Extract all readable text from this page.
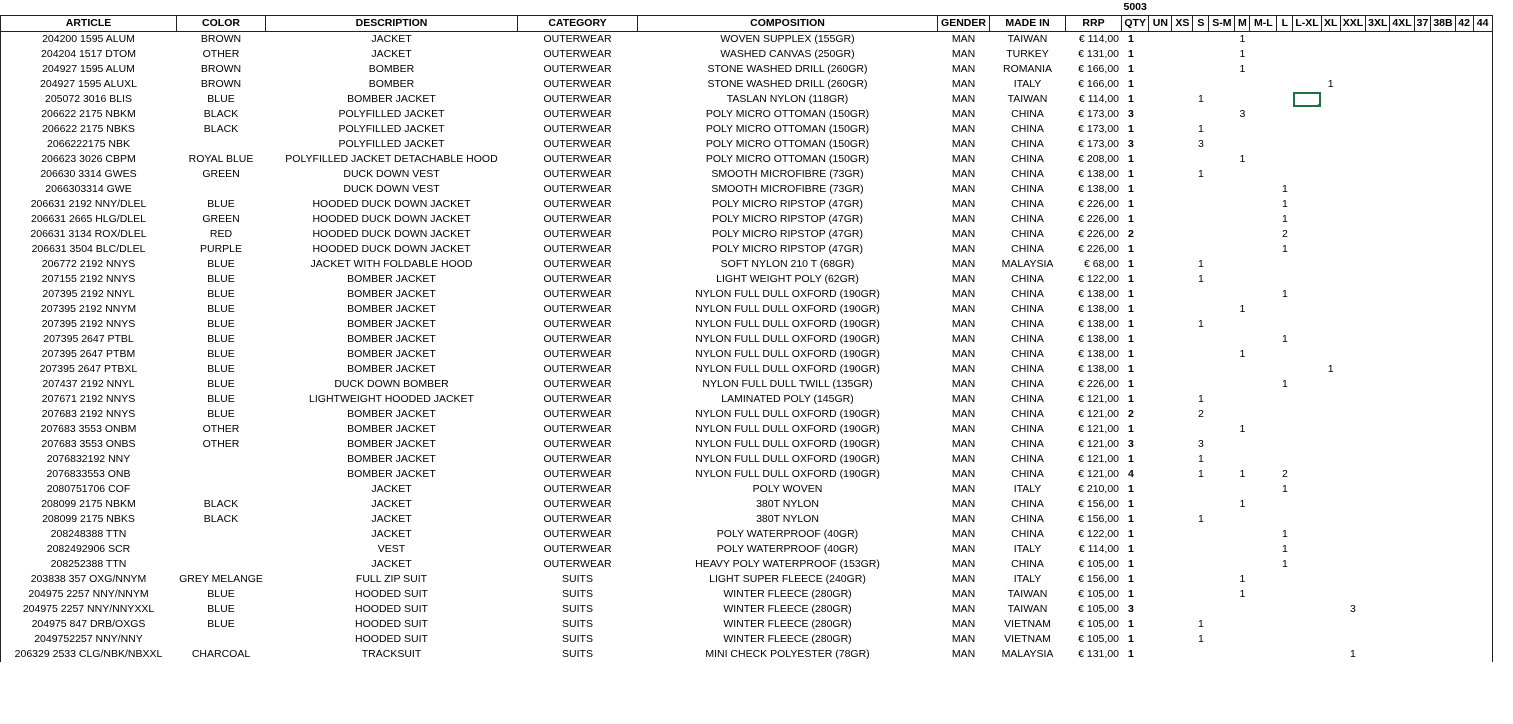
								5003																
ARTICLE	COLOR	DESCRIPTION	CATEGORY	COMPOSITION	GENDER	MADE IN	RRP	QTY	UN	XS	S	S-M	M	M-L	L	L-XL	XL	XXL	3XL	4XL	37	38B	42	44
204200 1595 ALUM	BROWN	JACKET	OUTERWEAR	WOVEN SUPPLEX (155GR)	MAN	TAIWAN	€ 114,00	1					1											
204204 1517 DTOM	OTHER	JACKET	OUTERWEAR	WASHED CANVAS (250GR)	MAN	TURKEY	€ 131,00	1					1											
204927 1595 ALUM	BROWN	BOMBER	OUTERWEAR	STONE WASHED DRILL (260GR)	MAN	ROMANIA	€ 166,00	1					1											
204927 1595 ALUXL	BROWN	BOMBER	OUTERWEAR	STONE WASHED DRILL (260GR)	MAN	ITALY	€ 166,00	1									1							
205072 3016 BLIS	BLUE	BOMBER JACKET	OUTERWEAR	TASLAN NYLON (118GR)	MAN	TAIWAN	€ 114,00	1			1													
206622 2175 NBKM	BLACK	POLYFILLED JACKET	OUTERWEAR	POLY MICRO OTTOMAN (150GR)	MAN	CHINA	€ 173,00	3					3											
206622 2175 NBKS	BLACK	POLYFILLED JACKET	OUTERWEAR	POLY MICRO OTTOMAN (150GR)	MAN	CHINA	€ 173,00	1			1													
2066222175 NBK		POLYFILLED JACKET	OUTERWEAR	POLY MICRO OTTOMAN (150GR)	MAN	CHINA	€ 173,00	3			3													
206623 3026 CBPM	ROYAL BLUE	POLYFILLED JACKET DETACHABLE HOOD	OUTERWEAR	POLY MICRO OTTOMAN (150GR)	MAN	CHINA	€ 208,00	1					1											
206630 3314 GWES	GREEN	DUCK DOWN VEST	OUTERWEAR	SMOOTH MICROFIBRE (73GR)	MAN	CHINA	€ 138,00	1			1													
2066303314 GWE		DUCK DOWN VEST	OUTERWEAR	SMOOTH MICROFIBRE (73GR)	MAN	CHINA	€ 138,00	1							1									
206631 2192 NNY/DLEL	BLUE	HOODED DUCK DOWN JACKET	OUTERWEAR	POLY MICRO RIPSTOP (47GR)	MAN	CHINA	€ 226,00	1							1									
206631 2665 HLG/DLEL	GREEN	HOODED DUCK DOWN JACKET	OUTERWEAR	POLY MICRO RIPSTOP (47GR)	MAN	CHINA	€ 226,00	1							1									
206631 3134 ROX/DLEL	RED	HOODED DUCK DOWN JACKET	OUTERWEAR	POLY MICRO RIPSTOP (47GR)	MAN	CHINA	€ 226,00	2							2									
206631 3504 BLC/DLEL	PURPLE	HOODED DUCK DOWN JACKET	OUTERWEAR	POLY MICRO RIPSTOP (47GR)	MAN	CHINA	€ 226,00	1							1									
206772 2192 NNYS	BLUE	JACKET WITH FOLDABLE HOOD	OUTERWEAR	SOFT NYLON 210 T (68GR)	MAN	MALAYSIA	€ 68,00	1			1													
207155 2192 NNYS	BLUE	BOMBER JACKET	OUTERWEAR	LIGHT WEIGHT POLY (62GR)	MAN	CHINA	€ 122,00	1			1													
207395 2192 NNYL	BLUE	BOMBER JACKET	OUTERWEAR	NYLON FULL DULL OXFORD (190GR)	MAN	CHINA	€ 138,00	1							1									
207395 2192 NNYM	BLUE	BOMBER JACKET	OUTERWEAR	NYLON FULL DULL OXFORD (190GR)	MAN	CHINA	€ 138,00	1					1											
207395 2192 NNYS	BLUE	BOMBER JACKET	OUTERWEAR	NYLON FULL DULL OXFORD (190GR)	MAN	CHINA	€ 138,00	1			1													
207395 2647 PTBL	BLUE	BOMBER JACKET	OUTERWEAR	NYLON FULL DULL OXFORD (190GR)	MAN	CHINA	€ 138,00	1							1									
207395 2647 PTBM	BLUE	BOMBER JACKET	OUTERWEAR	NYLON FULL DULL OXFORD (190GR)	MAN	CHINA	€ 138,00	1					1											
207395 2647 PTBXL	BLUE	BOMBER JACKET	OUTERWEAR	NYLON FULL DULL OXFORD (190GR)	MAN	CHINA	€ 138,00	1									1							
207437 2192 NNYL	BLUE	DUCK DOWN BOMBER	OUTERWEAR	NYLON FULL DULL TWILL (135GR)	MAN	CHINA	€ 226,00	1							1									
207671 2192 NNYS	BLUE	LIGHTWEIGHT HOODED JACKET	OUTERWEAR	LAMINATED POLY (145GR)	MAN	CHINA	€ 121,00	1			1													
207683 2192 NNYS	BLUE	BOMBER JACKET	OUTERWEAR	NYLON FULL DULL OXFORD (190GR)	MAN	CHINA	€ 121,00	2			2													
207683 3553 ONBM	OTHER	BOMBER JACKET	OUTERWEAR	NYLON FULL DULL OXFORD (190GR)	MAN	CHINA	€ 121,00	1					1											
207683 3553 ONBS	OTHER	BOMBER JACKET	OUTERWEAR	NYLON FULL DULL OXFORD (190GR)	MAN	CHINA	€ 121,00	3			3													
2076832192 NNY		BOMBER JACKET	OUTERWEAR	NYLON FULL DULL OXFORD (190GR)	MAN	CHINA	€ 121,00	1			1													
2076833553 ONB		BOMBER JACKET	OUTERWEAR	NYLON FULL DULL OXFORD (190GR)	MAN	CHINA	€ 121,00	4			1		1		2									
2080751706 COF		JACKET	OUTERWEAR	POLY WOVEN	MAN	ITALY	€ 210,00	1							1									
208099 2175 NBKM	BLACK	JACKET	OUTERWEAR	380T NYLON	MAN	CHINA	€ 156,00	1					1											
208099 2175 NBKS	BLACK	JACKET	OUTERWEAR	380T NYLON	MAN	CHINA	€ 156,00	1			1													
208248388 TTN		JACKET	OUTERWEAR	POLY WATERPROOF (40GR)	MAN	CHINA	€ 122,00	1							1									
2082492906 SCR		VEST	OUTERWEAR	POLY WATERPROOF (40GR)	MAN	ITALY	€ 114,00	1							1									
208252388 TTN		JACKET	OUTERWEAR	HEAVY POLY WATERPROOF (153GR)	MAN	CHINA	€ 105,00	1							1									
203838 357 OXG/NNYM	GREY MELANGE	FULL ZIP SUIT	SUITS	LIGHT SUPER FLEECE (240GR)	MAN	ITALY	€ 156,00	1					1											
204975 2257 NNY/NNYM	BLUE	HOODED SUIT	SUITS	WINTER FLEECE (280GR)	MAN	TAIWAN	€ 105,00	1					1											
204975 2257 NNY/NNYXXL	BLUE	HOODED SUIT	SUITS	WINTER FLEECE (280GR)	MAN	TAIWAN	€ 105,00	3										3						
204975 847 DRB/OXGS	BLUE	HOODED SUIT	SUITS	WINTER FLEECE (280GR)	MAN	VIETNAM	€ 105,00	1			1													
2049752257 NNY/NNY		HOODED SUIT	SUITS	WINTER FLEECE (280GR)	MAN	VIETNAM	€ 105,00	1			1													
206329 2533 CLG/NBK/NBXXL	CHARCOAL	TRACKSUIT	SUITS	MINI CHECK POLYESTER (78GR)	MAN	MALAYSIA	€ 131,00	1										1						
